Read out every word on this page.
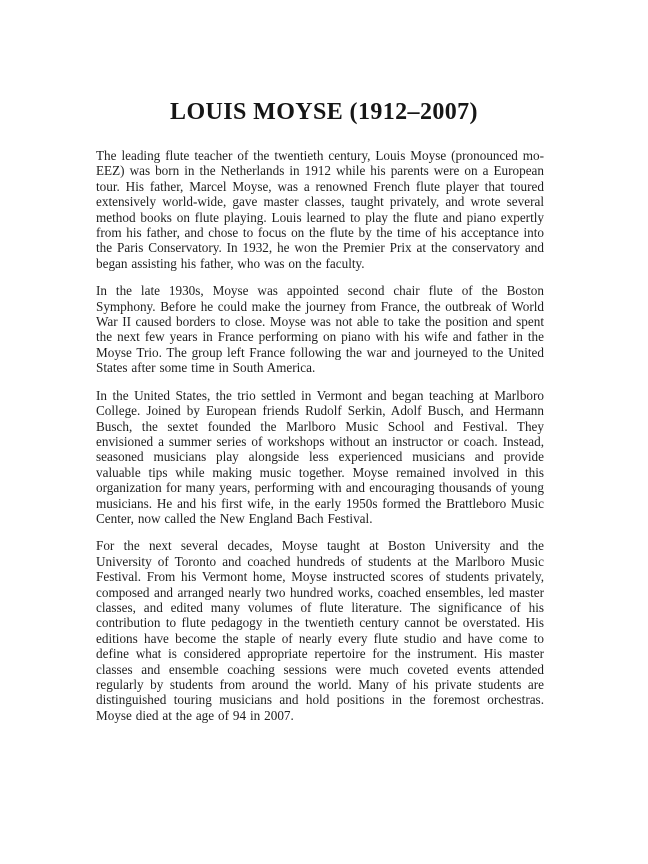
LOUIS MOYSE (1912–2007)

The leading flute teacher of the twentieth century, Louis Moyse (pronounced mo-EEZ) was born in the Netherlands in 1912 while his parents were on a European tour. His father, Marcel Moyse, was a renowned French flute player that toured extensively world-wide, gave master classes, taught privately, and wrote several method books on flute playing. Louis learned to play the flute and piano expertly from his father, and chose to focus on the flute by the time of his acceptance into the Paris Conservatory. In 1932, he won the Premier Prix at the conservatory and began assisting his father, who was on the faculty.

In the late 1930s, Moyse was appointed second chair flute of the Boston Symphony. Before he could make the journey from France, the outbreak of World War II caused borders to close. Moyse was not able to take the position and spent the next few years in France performing on piano with his wife and father in the Moyse Trio. The group left France following the war and journeyed to the United States after some time in South America.

In the United States, the trio settled in Vermont and began teaching at Marlboro College. Joined by European friends Rudolf Serkin, Adolf Busch, and Hermann Busch, the sextet founded the Marlboro Music School and Festival. They envisioned a summer series of workshops without an instructor or coach. Instead, seasoned musicians play alongside less experienced musicians and provide valuable tips while making music together. Moyse remained involved in this organization for many years, performing with and encouraging thousands of young musicians. He and his first wife, in the early 1950s formed the Brattleboro Music Center, now called the New England Bach Festival.

For the next several decades, Moyse taught at Boston University and the University of Toronto and coached hundreds of students at the Marlboro Music Festival. From his Vermont home, Moyse instructed scores of students privately, composed and arranged nearly two hundred works, coached ensembles, led master classes, and edited many volumes of flute literature. The significance of his contribution to flute pedagogy in the twentieth century cannot be overstated. His editions have become the staple of nearly every flute studio and have come to define what is considered appropriate repertoire for the instrument. His master classes and ensemble coaching sessions were much coveted events attended regularly by students from around the world. Many of his private students are distinguished touring musicians and hold positions in the foremost orchestras. Moyse died at the age of 94 in 2007.
